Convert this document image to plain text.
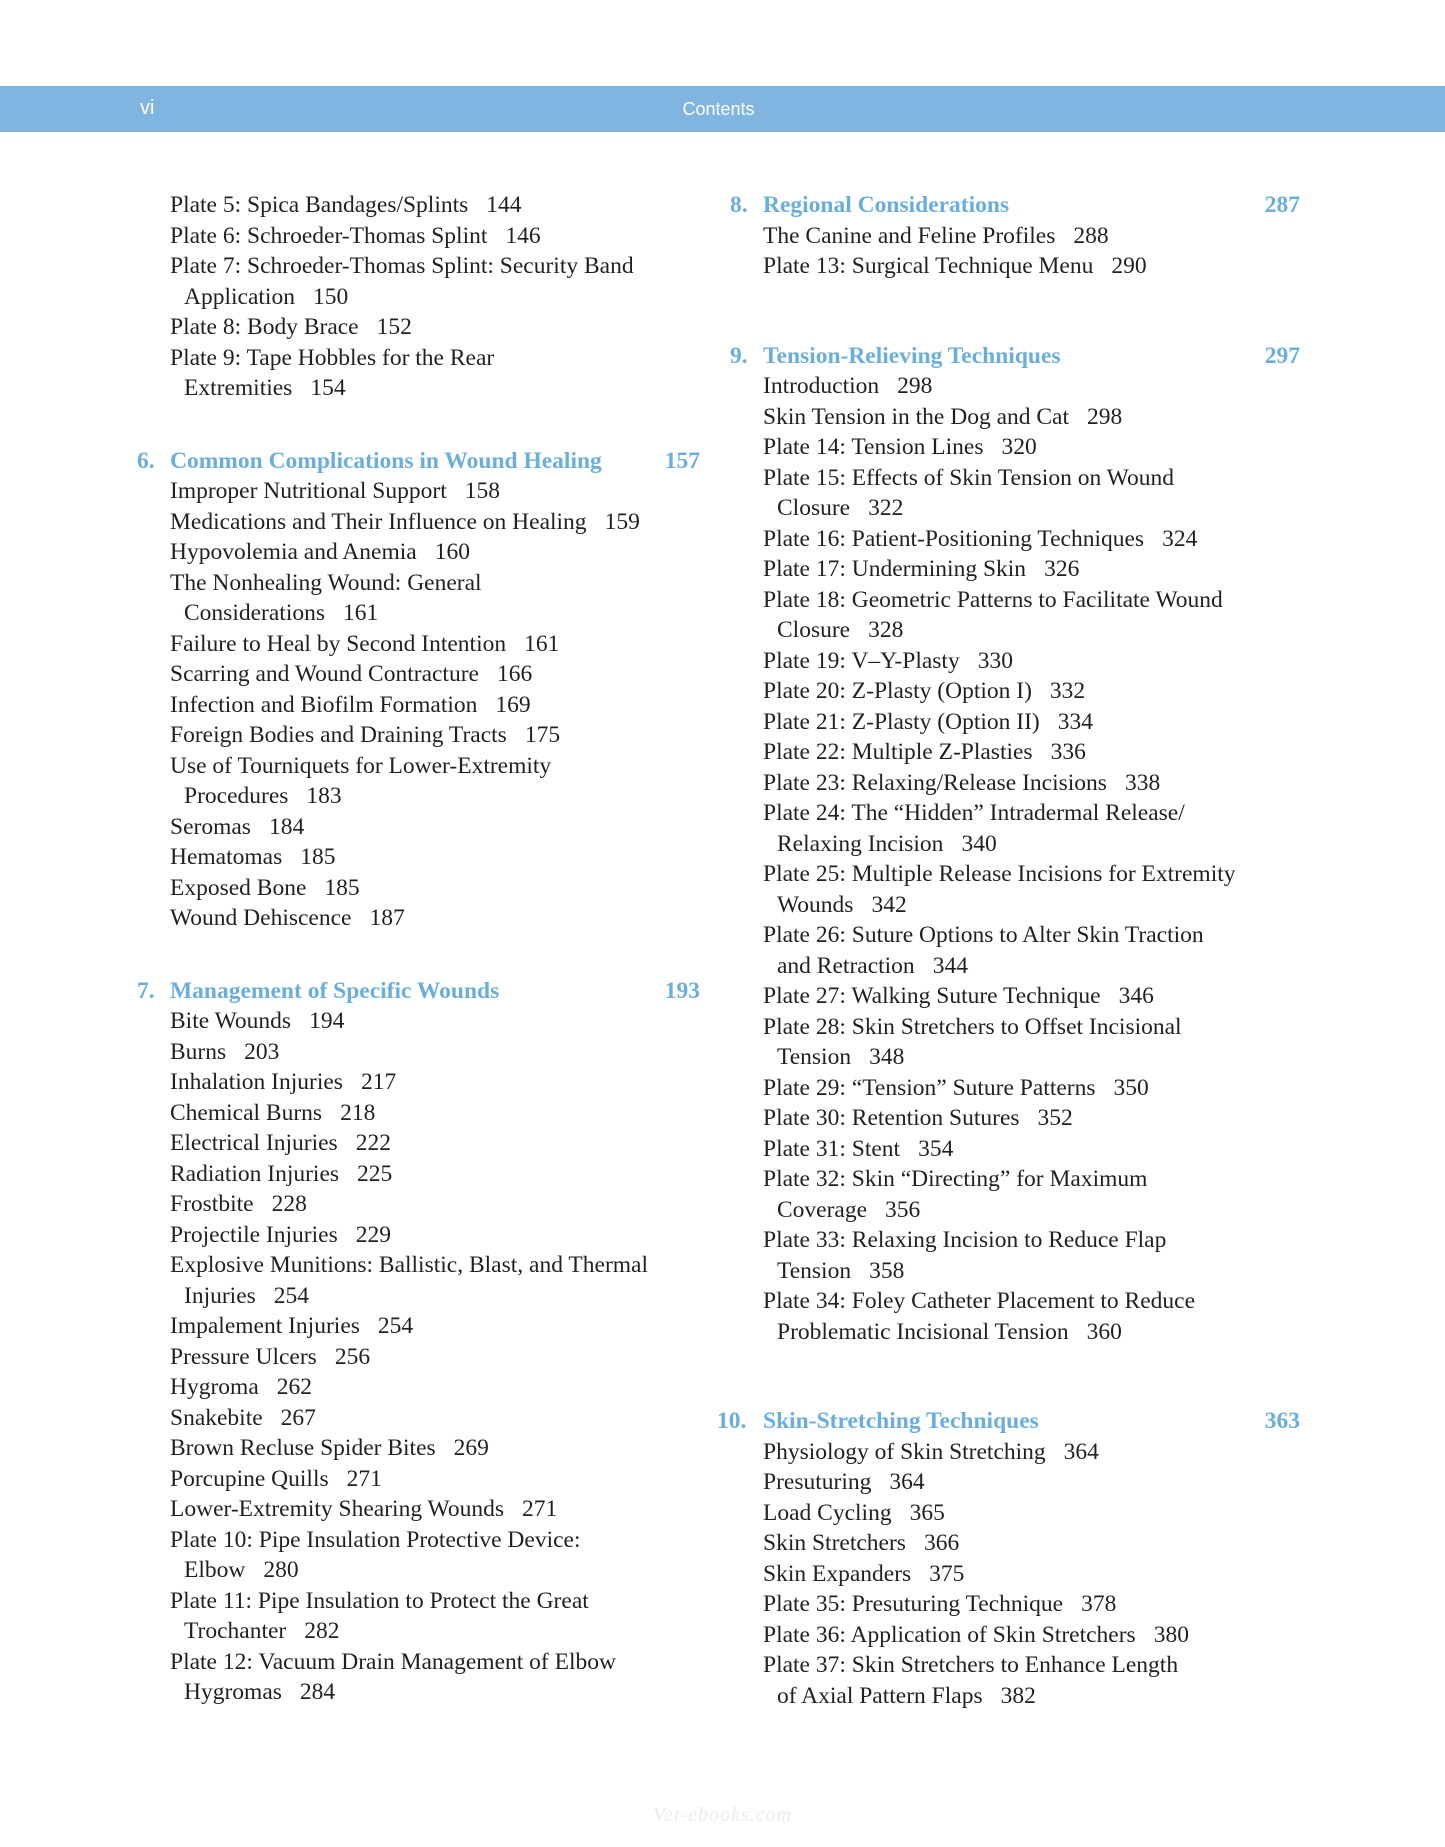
vi	Contents
Plate 5: Spica Bandages/Splints 144
Plate 6: Schroeder-Thomas Splint 146
Plate 7: Schroeder-Thomas Splint: Security Band
Application 150
Plate 8: Body Brace 152
Plate 9: Tape Hobbles for the Rear
Extremities 154
6. Common Complications in Wound Healing	157
Improper Nutritional Support 158
Medications and Their Influence on Healing 159
Hypovolemia and Anemia 160
The Nonhealing Wound: General
Considerations 161
Failure to Heal by Second Intention 161
Scarring and Wound Contracture 166
Infection and Biofilm Formation 169
Foreign Bodies and Draining Tracts 175
Use of Tourniquets for Lower-Extremity
Procedures 183
Seromas 184
Hematomas 185
Exposed Bone 185
Wound Dehiscence 187
7. Management of Specific Wounds	193
Bite Wounds 194
Burns 203
Inhalation Injuries 217
Chemical Burns 218
Electrical Injuries 222
Radiation Injuries 225
Frostbite 228
Projectile Injuries 229
Explosive Munitions: Ballistic, Blast, and Thermal
Injuries 254
Impalement Injuries 254
Pressure Ulcers 256
Hygroma 262
Snakebite 267
Brown Recluse Spider Bites 269
Porcupine Quills 271
Lower-Extremity Shearing Wounds 271
Plate 10: Pipe Insulation Protective Device:
Elbow 280
Plate 11: Pipe Insulation to Protect the Great
Trochanter 282
Plate 12: Vacuum Drain Management of Elbow
Hygromas 284
8. Regional Considerations	287
The Canine and Feline Profiles 288
Plate 13: Surgical Technique Menu 290
9. Tension-Relieving Techniques	297
Introduction 298
Skin Tension in the Dog and Cat 298
Plate 14: Tension Lines 320
Plate 15: Effects of Skin Tension on Wound
Closure 322
Plate 16: Patient-Positioning Techniques 324
Plate 17: Undermining Skin 326
Plate 18: Geometric Patterns to Facilitate Wound
Closure 328
Plate 19: V–Y-Plasty 330
Plate 20: Z-Plasty (Option I) 332
Plate 21: Z-Plasty (Option II) 334
Plate 22: Multiple Z-Plasties 336
Plate 23: Relaxing/Release Incisions 338
Plate 24: The “Hidden” Intradermal Release/
Relaxing Incision 340
Plate 25: Multiple Release Incisions for Extremity
Wounds 342
Plate 26: Suture Options to Alter Skin Traction
and Retraction 344
Plate 27: Walking Suture Technique 346
Plate 28: Skin Stretchers to Offset Incisional
Tension 348
Plate 29: “Tension” Suture Patterns 350
Plate 30: Retention Sutures 352
Plate 31: Stent 354
Plate 32: Skin “Directing” for Maximum
Coverage 356
Plate 33: Relaxing Incision to Reduce Flap
Tension 358
Plate 34: Foley Catheter Placement to Reduce
Problematic Incisional Tension 360
10. Skin-Stretching Techniques	363
Physiology of Skin Stretching 364
Presuturing 364
Load Cycling 365
Skin Stretchers 366
Skin Expanders 375
Plate 35: Presuturing Technique 378
Plate 36: Application of Skin Stretchers 380
Plate 37: Skin Stretchers to Enhance Length
of Axial Pattern Flaps 382
Vet-ebooks.com
